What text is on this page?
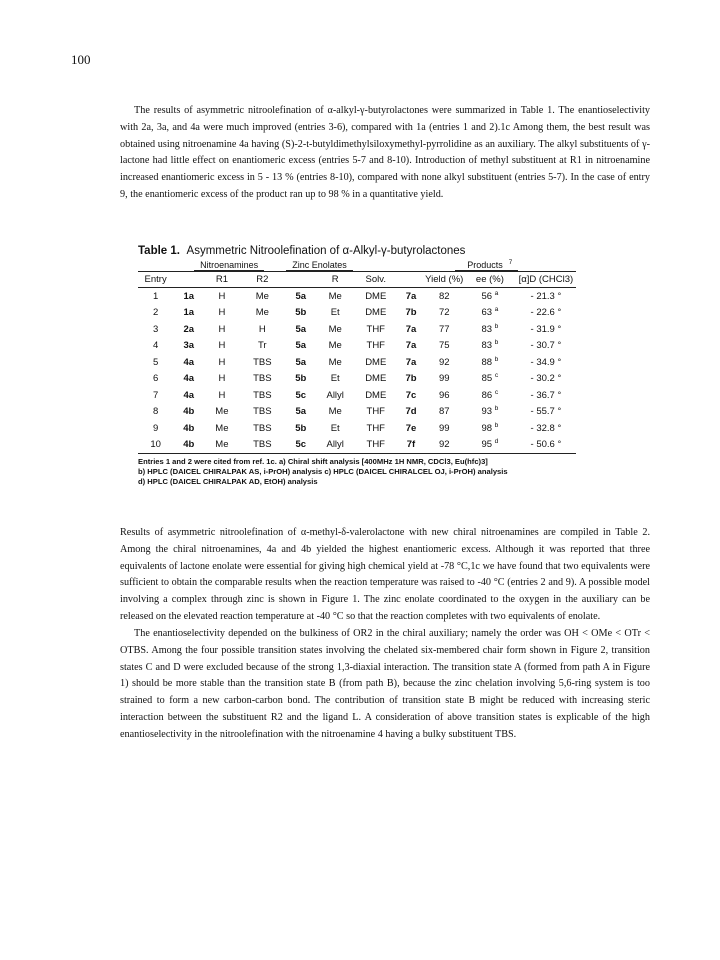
100

The results of asymmetric nitroolefination of α-alkyl-γ-butyrolactones were summarized in Table 1. The enantioselectivity with 2a, 3a, and 4a were much improved (entries 3-6), compared with 1a (entries 1 and 2).1c Among them, the best result was obtained using nitroenamine 4a having (S)-2-t-butyldimethylsiloxymethyl-pyrrolidine as an auxiliary. The alkyl substituents of γ-lactone had little effect on enantiomeric excess (entries 5-7 and 8-10). Introduction of methyl substituent at R1 in nitroenamine increased enantiomeric excess in 5 - 13 % (entries 8-10), compared with none alkyl substituent (entries 5-7). In the case of entry 9, the enantiomeric excess of the product ran up to 98 % in a quantitative yield.

Table 1. Asymmetric Nitroolefination of α-Alkyl-γ-butyrolactones
	Nitroenamines			Zinc Enolates			Products $^7$
Entry		R1	R2		R	Solv.		Yield (%)	ee (%)	[α]D (CHCl3)
1	1a	H	Me	5a	Me	DME	7a	82	56 $^a$	- 21.3 °
2	1a	H	Me	5b	Et	DME	7b	72	63 $^a$	- 22.6 °
3	2a	H	H	5a	Me	THF	7a	77	83 $^b$	- 31.9 °
4	3a	H	Tr	5a	Me	THF	7a	75	83 $^b$	- 30.7 °
5	4a	H	TBS	5a	Me	DME	7a	92	88 $^b$	- 34.9 °
6	4a	H	TBS	5b	Et	DME	7b	99	85 $^c$	- 30.2 °
7	4a	H	TBS	5c	Allyl	DME	7c	96	86 $^c$	- 36.7 °
8	4b	Me	TBS	5a	Me	THF	7d	87	93 $^b$	- 55.7 °
9	4b	Me	TBS	5b	Et	THF	7e	99	98 $^b$	- 32.8 °
10	4b	Me	TBS	5c	Allyl	THF	7f	92	95 $^d$	- 50.6 °
Entries 1 and 2 were cited from ref. 1c. a) Chiral shift analysis [400MHz 1H NMR, CDCl3, Eu(hfc)3]
b) HPLC (DAICEL CHIRALPAK AS, i-PrOH) analysis c) HPLC (DAICEL CHIRALCEL OJ, i-PrOH) analysis
d) HPLC (DAICEL CHIRALPAK AD, EtOH) analysis

Results of asymmetric nitroolefination of α-methyl-δ-valerolactone with new chiral nitroenamines are compiled in Table 2. Among the chiral nitroenamines, 4a and 4b yielded the highest enantiomeric excess. Although it was reported that three equivalents of lactone enolate were essential for giving high chemical yield at -78 °C,1c we have found that two equivalents were sufficient to obtain the comparable results when the reaction temperature was raised to -40 °C (entries 2 and 9). A possible model involving a complex through zinc is shown in Figure 1. The zinc enolate coordinated to the oxygen in the auxiliary can be released on the elevated reaction temperature at -40 °C so that the reaction completes with two equivalents of enolate.

The enantioselectivity depended on the bulkiness of OR2 in the chiral auxiliary; namely the order was OH < OMe < OTr < OTBS. Among the four possible transition states involving the chelated six-membered chair form shown in Figure 2, transition states C and D were excluded because of the strong 1,3-diaxial interaction. The transition state A (formed from path A in Figure 1) should be more stable than the transition state B (from path B), because the zinc chelation involving 5,6-ring system is too strained to form a new carbon-carbon bond. The contribution of transition state B might be reduced with increasing steric interaction between the substituent R2 and the ligand L. A consideration of above transition states is explicable of the high enantioselectivity in the nitroolefination with the nitroenamine 4 having a bulky substituent TBS.
